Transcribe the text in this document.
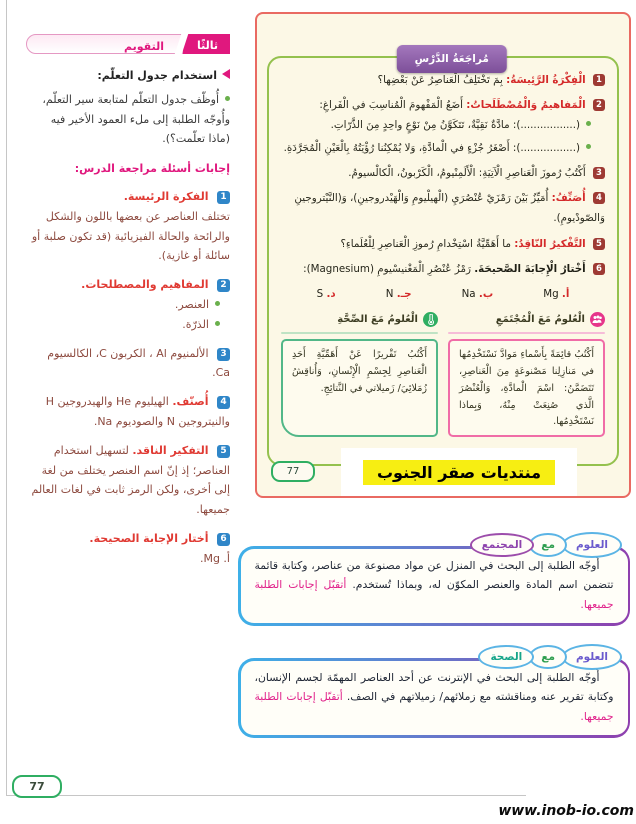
ثالثًا
التقويم
استخدام جدول التعلّم:
أُوظّف جدول التعلّم لمتابعة سير التعلّم، وأُوجّه الطلبة إلى ملء العمود الأخير فيه (ماذا تعلّمت؟).
إجابات أسئلة مراجعة الدرس:
1 الفكرة الرئيسة.
تختلف العناصر عن بعضها باللون والشكل والرائحة والحالة الفيزيائية (قد تكون صلبة أو سائلة أو غازية).
2 المفاهيم والمصطلحات.
العنصر.
الذرّة.
3 الألمنيوم Al ، الكربون C، الكالسيوم Ca.
4 أُصنّف. الهيليوم He والهيدروجين H والنيتروجين N والصوديوم Na.
5 التفكير الناقد. لتسهيل استخدام العناصر؛ إذ إنّ اسم العنصر يختلف من لغة إلى أخرى، ولكن الرمز ثابت في لغات العالم جميعها.
6 أختار الإجابة الصحيحة.
أ. Mg.
مُراجَعَةُ الدَّرْسِ
1 الْفِكْرَةُ الرَّئِيسَةُ: بِمَ تَخْتَلِفُ الْعَناصِرُ عَنْ بَعْضِها؟
2 الْمَفاهيمُ وَالْمُصْطَلَحاتُ: أَضَعُ الْمَفْهومَ الْمُناسِبَ في الْفَراغِ:
(.................): مادَّةٌ نَقِيَّةٌ، تَتَكَوَّنُ مِنْ نَوْعٍ واحِدٍ مِنَ الذَّرّاتِ.
(.................): أَصْغَرُ جُزْءٍ في الْمادَّةِ، وَلا يُمْكِنُنا رُؤْيَتُهُ بِالْعَيْنِ الْمُجَرَّدَةِ.
3 أَكْتُبُ رُموزَ الْعَناصِرِ الْآتِيَةِ: الْأَلَمِنْيومُ، الْكَرْبونُ، الْكالْسيومُ.
4 أُصَنِّفُ: أُمَيِّزُ بَيْنَ رَمْزَيْ عُنْصُرَيِ (الْهيلْيومِ وَالْهَيْدروجينِ)، وَ(النَّيْتروجينِ وَالصّودْيومِ).
5 التَّفْكيرُ النّاقِدُ: ما أَهَمِّيَّةُ اسْتِخْدامِ رُموزِ الْعَناصِرِ لِلْعُلَماءِ؟
6 أَخْتارُ الْإِجابَةَ الصَّحيحَةَ. رَمْزُ عُنْصُرِ الْمَغْنيسْيومِ (Magnesium):
أ. Mg
ب. Na
جـ. N
د. S
الْعُلومُ مَعَ الْمُجْتَمَعِ
أَكْتُبُ قائِمَةً بِأَسْماءِ مَوادَّ نَسْتَخْدِمُها في مَنازِلِنا مَصْنوعَةٍ مِنَ الْعَناصِرِ، تَتَضَمَّنُ: اسْمَ الْمادَّةِ، وَالْعُنْصُرَ الَّذي صُنِعَتْ مِنْهُ، وَبِماذا نَسْتَخْدِمُها.
الْعُلومُ مَعَ الصِّحَّةِ
أَكْتُبُ تَقْريرًا عَنْ أَهَمِّيَّةِ أَحَدِ الْعَناصِرِ لِجِسْمِ الْإِنْسانِ، وَأُناقِشُ زُمَلائِيَ/ زَميلاتي في النَّتائِجِ.
77	منتديات صقر الجنوب
العلوم
مع
المجتمع
أُوجّه الطلبة إلى البحث في المنزل عن مواد مصنوعة من عناصر، وكتابة قائمة تتضمن اسم المادة والعنصر المكوّن له، وبماذا تُستخدم. أتقبّل إجابات الطلبة جميعها.
العلوم
مع
الصحة
أُوجّه الطلبة إلى البحث في الإنترنت عن أحد العناصر المهمّة لجسم الإنسان، وكتابة تقرير عنه ومناقشته مع زملائهم/ زميلاتهم في الصف. أتقبّل إجابات الطلبة جميعها.
77
www.inob-io.com
